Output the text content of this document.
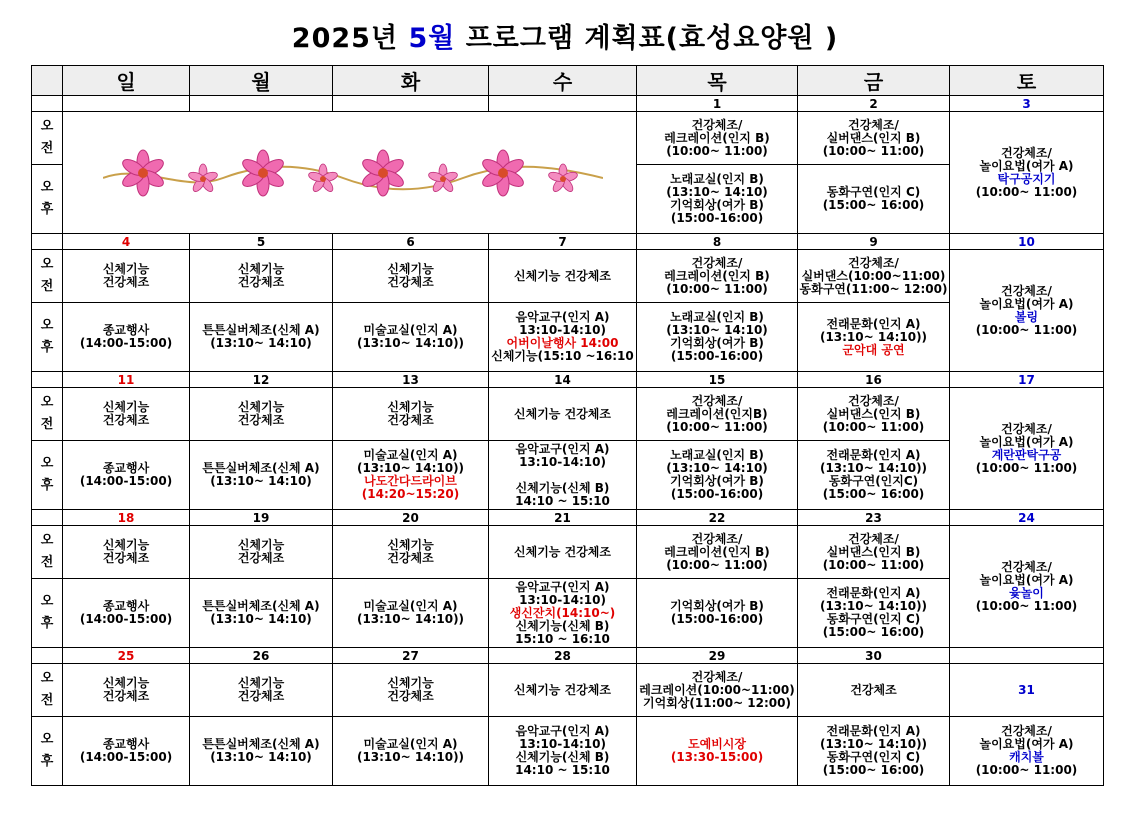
2025년 5월 프로그램 계획표(효성요양원 )
	일	월	화	수	목	금	토
					1	2	3
오
전					건강체조/
레크레이션(인지 B)
(10:00~ 11:00)	건강체조/
실버댄스(인지 B)
(10:00~ 11:00)	건강체조/
놀이요법(여가 A)
탁구공지기
(10:00~ 11:00)

오
후					노래교실(인지 B)
(13:10~ 14:10)
기억회상(여가 B)
(15:00-16:00)	동화구연(인지 C)
(15:00~ 16:00)	
	4	5	6	7	8	9	10
오
전	신체기능
건강체조	신체기능
건강체조	신체기능
건강체조	신체기능 건강체조	건강체조/
레크레이션(인지 B)
(10:00~ 11:00)	건강체조/
실버댄스(10:00~11:00)
동화구연(11:00~ 12:00)	건강체조/
놀이요법(여가 A)
볼링
(10:00~ 11:00)

오
후	종교행사
(14:00-15:00)	튼튼실버체조(신체 A)
(13:10~ 14:10)	미술교실(인지 A)
(13:10~ 14:10))	음악교구(인지 A)
13:10-14:10)
어버이날행사 14:00
신체기능(15:10 ~16:10	노래교실(인지 B)
(13:10~ 14:10)
기억회상(여가 B)
(15:00-16:00)	전래문화(인지 A)
(13:10~ 14:10))
군악대 공연	

	11	12	13	14	15	16	17
오
전	신체기능
건강체조	신체기능
건강체조	신체기능
건강체조	신체기능 건강체조	건강체조/
레크레이션(인지B)
(10:00~ 11:00)	건강체조/
실버댄스(인지 B)
(10:00~ 11:00)	건강체조/
놀이요법(여가 A)
계란판탁구공
(10:00~ 11:00)

오
후	종교행사
(14:00-15:00)	튼튼실버체조(신체 A)
(13:10~ 14:10)	미술교실(인지 A)
(13:10~ 14:10))
나도간다드라이브
(14:20~15:20)	음악교구(인지 A)
13:10-14:10)

신체기능(신체 B)
14:10 ~ 15:10	노래교실(인지 B)
(13:10~ 14:10)
기억회상(여가 B)
(15:00-16:00)	전래문화(인지 A)
(13:10~ 14:10))
동화구연(인지C)
(15:00~ 16:00)	
	18	19	20	21	22	23	24
오
전	신체기능
건강체조	신체기능
건강체조	신체기능
건강체조	신체기능 건강체조	건강체조/
레크레이션(인지 B)
(10:00~ 11:00)	건강체조/
실버댄스(인지 B)
(10:00~ 11:00)	건강체조/
놀이요법(여가 A)
윷놀이
(10:00~ 11:00)

오
후	종교행사
(14:00-15:00)	튼튼실버체조(신체 A)
(13:10~ 14:10)	미술교실(인지 A)
(13:10~ 14:10))	음악교구(인지 A)
13:10-14:10)
생신잔치(14:10~)
신체기능(신체 B)
15:10 ~ 16:10	기억회상(여가 B)
(15:00-16:00)	전래문화(인지 A)
(13:10~ 14:10))
동화구연(인지 C)
(15:00~ 16:00)	
	25	26	27	28	29	30	
오
전	신체기능
건강체조	신체기능
건강체조	신체기능
건강체조	신체기능 건강체조	건강체조/
레크레이션(10:00~11:00)
기억회상(11:00~ 12:00)	건강체조	31

오
후	종교행사
(14:00-15:00)	튼튼실버체조(신체 A)
(13:10~ 14:10)	미술교실(인지 A)
(13:10~ 14:10))	음악교구(인지 A)
13:10-14:10)
신체기능(신체 B)
14:10 ~ 15:10	도예비시장
(13:30-15:00)	전래문화(인지 A)
(13:10~ 14:10))
동화구연(인지 C)
(15:00~ 16:00)	건강체조/
놀이요법(여가 A)
캐치볼
(10:00~ 11:00)
